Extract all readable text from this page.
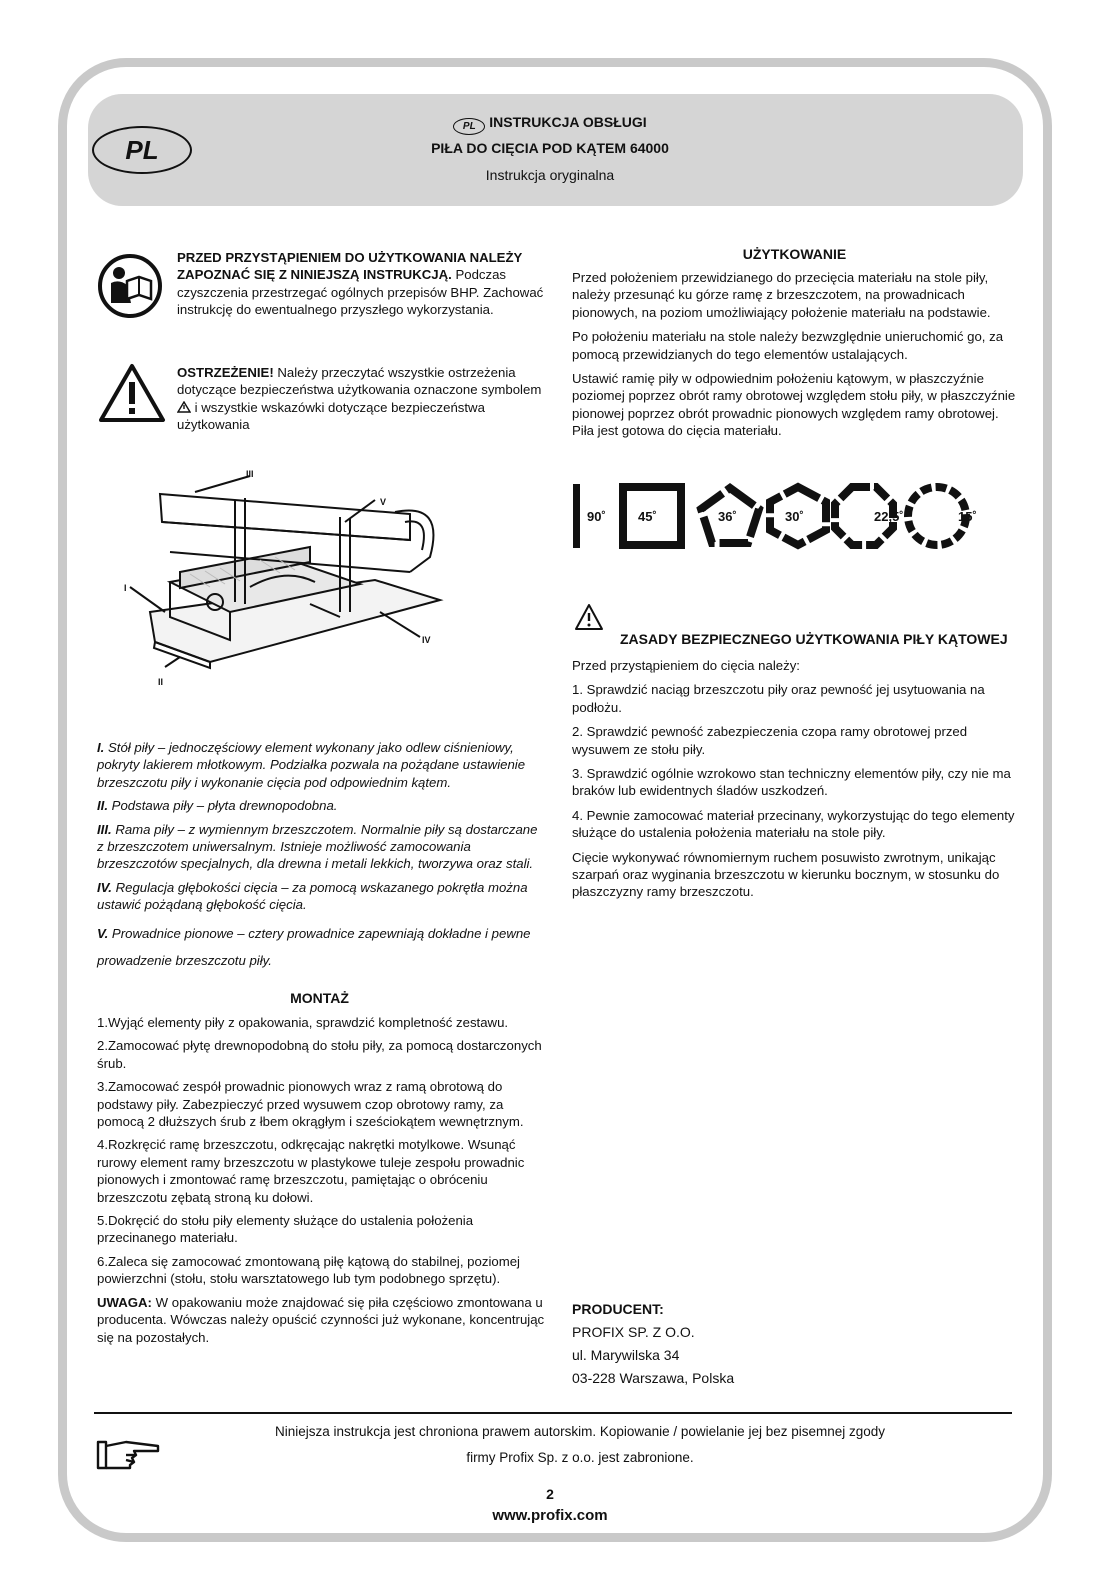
PL
PL INSTRUKCJA OBSŁUGI
PIŁA DO CIĘCIA POD KĄTEM 64000
Instrukcja oryginalna
PRZED PRZYSTĄPIENIEM DO UŻYTKOWANIA NALEŻY ZAPOZNAĆ SIĘ Z NINIEJSZĄ INSTRUKCJĄ. Podczas czyszczenia przestrzegać ogólnych przepisów BHP. Zachować instrukcję do ewentualnego przyszłego wykorzystania.
OSTRZEŻENIE! Należy przeczytać wszystkie ostrzeżenia dotyczące bezpieczeństwa użytkowania oznaczone symbolem  i wszystkie wskazówki dotyczące bezpieczeństwa użytkowania
III
V
I
IV
II

I. Stół piły – jednoczęściowy element wykonany jako odlew ciśnieniowy, pokryty lakierem młotkowym. Podziałka pozwala na pożądane ustawienie brzeszczotu piły i wykonanie cięcia pod odpowiednim kątem.

II. Podstawa piły – płyta drewnopodobna.

III. Rama piły – z wymiennym brzeszczotem. Normalnie piły są dostarczane z brzeszczotem uniwersalnym. Istnieje możliwość zamocowania brzeszczotów specjalnych, dla drewna i metali lekkich, tworzywa oraz stali.

IV. Regulacja głębokości cięcia – za pomocą wskazanego pokrętła można ustawić pożądaną głębokość cięcia.

V. Prowadnice pionowe – cztery prowadnice zapewniają dokładne i pewne prowadzenie brzeszczotu piły.

MONTAŻ

1.Wyjąć elementy piły z opakowania, sprawdzić kompletność zestawu.

2.Zamocować płytę drewnopodobną do stołu piły, za pomocą dostarczonych śrub.

3.Zamocować zespół prowadnic pionowych wraz z ramą obrotową do podstawy piły. Zabezpieczyć przed wysuwem czop obrotowy ramy, za pomocą 2 dłuższych śrub z łbem okrągłym i sześciokątem wewnętrznym.

4.Rozkręcić ramę brzeszczotu, odkręcając nakrętki motylkowe. Wsunąć rurowy element ramy brzeszczotu w plastykowe tuleje zespołu prowadnic pionowych i zmontować ramę brzeszczotu, pamiętając o obróceniu brzeszczotu zębatą stroną ku dołowi.

5.Dokręcić do stołu piły elementy służące do ustalenia położenia przecinanego materiału.

6.Zaleca się zamocować zmontowaną piłę kątową do stabilnej, poziomej powierzchni (stołu, stołu warsztatowego lub tym podobnego sprzętu).

UWAGA: W opakowaniu może znajdować się piła częściowo zmontowana u producenta. Wówczas należy opuścić czynności już wykonane, koncentrując się na pozostałych.

UŻYTKOWANIE

Przed położeniem przewidzianego do przecięcia materiału na stole piły, należy przesunąć ku górze ramę z brzeszczotem, na prowadnicach pionowych, na poziom umożliwiający położenie materiału na podstawie.

Po położeniu materiału na stole należy bezwzględnie unieruchomić go, za pomocą przewidzianych do tego elementów ustalających.

Ustawić ramię piły w odpowiednim położeniu kątowym, w płaszczyźnie poziomej poprzez obrót ramy obrotowej względem stołu piły, w płaszczyźnie pionowej poprzez obrót prowadnic pionowych względem ramy obrotowej. Piła jest gotowa do cięcia materiału.

90˚ 45˚	36˚	30˚	22,5˚	15˚
ZASADY BEZPIECZNEGO UŻYTKOWANIA PIŁY KĄTOWEJ

Przed przystąpieniem do cięcia należy:

1. Sprawdzić naciąg brzeszczotu piły oraz pewność jej usytuowania na podłożu.

2. Sprawdzić pewność zabezpieczenia czopa ramy obrotowej przed wysuwem ze stołu piły.

3. Sprawdzić ogólnie wzrokowo stan techniczny elementów piły, czy nie ma braków lub ewidentnych śladów uszkodzeń.

4. Pewnie zamocować materiał przecinany, wykorzystując do tego elementy służące do ustalenia położenia materiału na stole piły.

Cięcie wykonywać równomiernym ruchem posuwisto zwrotnym, unikając szarpań oraz wyginania brzeszczotu w kierunku bocznym, w stosunku do płaszczyzny ramy brzeszczotu.

PRODUCENT:

PROFIX SP. Z O.O.

ul. Marywilska 34

03-228 Warszawa, Polska

Niniejsza instrukcja jest chroniona prawem autorskim. Kopiowanie / powielanie jej bez pisemnej zgody
firmy Profix Sp. z o.o. jest zabronione.
2
www.profix.com
